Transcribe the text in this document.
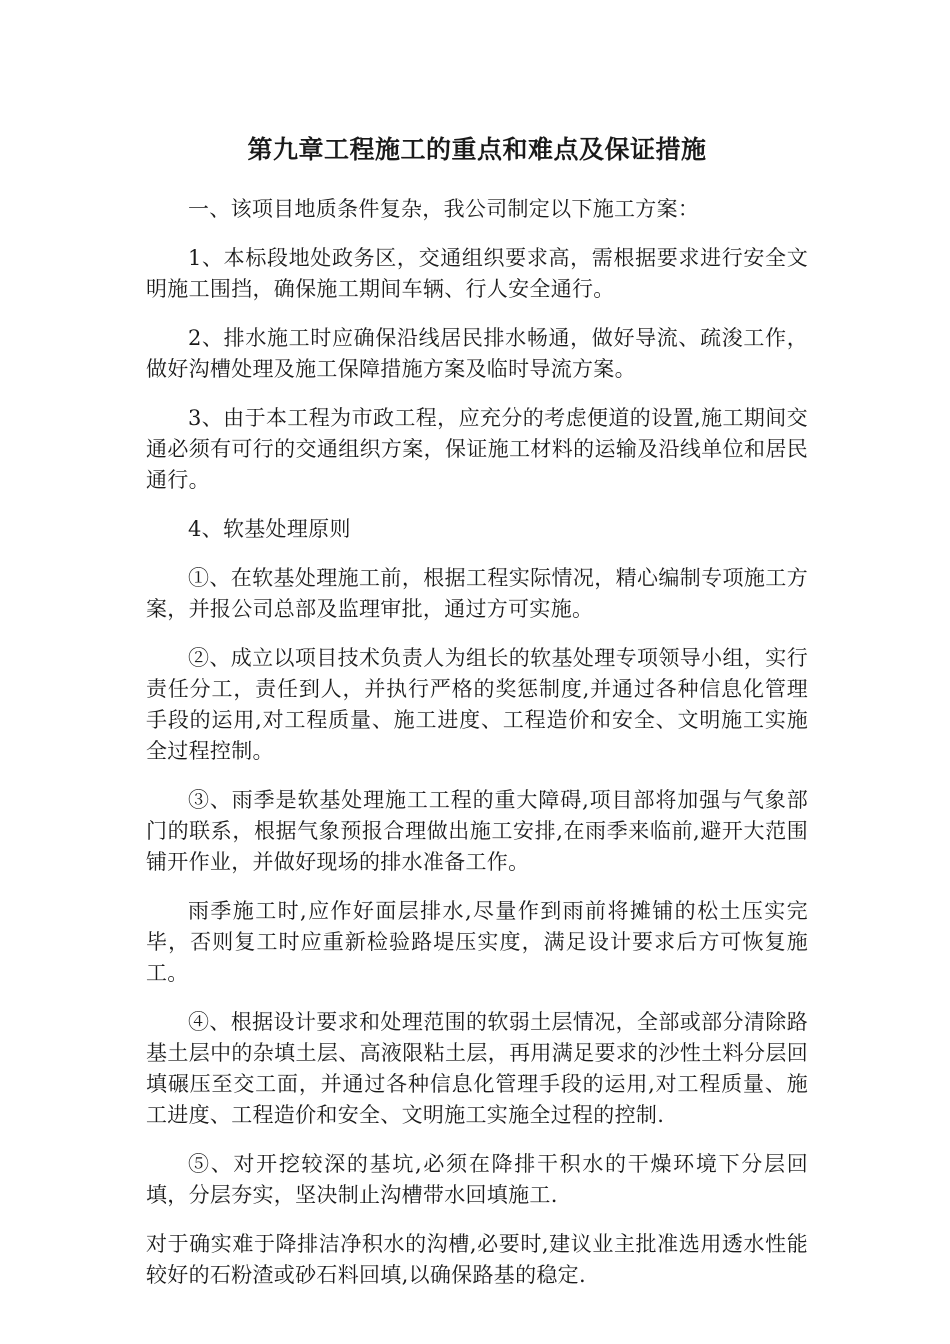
第九章工程施工的重点和难点及保证措施

一、该项目地质条件复杂，我公司制定以下施工方案：

1、本标段地处政务区，交通组织要求高，需根据要求进行安全文明施工围挡，确保施工期间车辆、行人安全通行。

2、排水施工时应确保沿线居民排水畅通，做好导流、疏浚工作，做好沟槽处理及施工保障措施方案及临时导流方案。

3、由于本工程为市政工程，应充分的考虑便道的设置,施工期间交通必须有可行的交通组织方案，保证施工材料的运输及沿线单位和居民通行。

4、软基处理原则

①、在软基处理施工前，根据工程实际情况，精心编制专项施工方案，并报公司总部及监理审批，通过方可实施。

②、成立以项目技术负责人为组长的软基处理专项领导小组，实行责任分工，责任到人，并执行严格的奖惩制度,并通过各种信息化管理手段的运用,对工程质量、施工进度、工程造价和安全、文明施工实施全过程控制。

③、雨季是软基处理施工工程的重大障碍,项目部将加强与气象部门的联系，根据气象预报合理做出施工安排,在雨季来临前,避开大范围铺开作业，并做好现场的排水准备工作。

雨季施工时,应作好面层排水,尽量作到雨前将摊铺的松土压实完毕，否则复工时应重新检验路堤压实度，满足设计要求后方可恢复施工。

④、根据设计要求和处理范围的软弱土层情况，全部或部分清除路基土层中的杂填土层、高液限粘土层，再用满足要求的沙性土料分层回填碾压至交工面，并通过各种信息化管理手段的运用,对工程质量、施工进度、工程造价和安全、文明施工实施全过程的控制.

⑤、对开挖较深的基坑,必须在降排干积水的干燥环境下分层回填，分层夯实，坚决制止沟槽带水回填施工.

对于确实难于降排洁净积水的沟槽,必要时,建议业主批准选用透水性能较好的石粉渣或砂石料回填,以确保路基的稳定.
